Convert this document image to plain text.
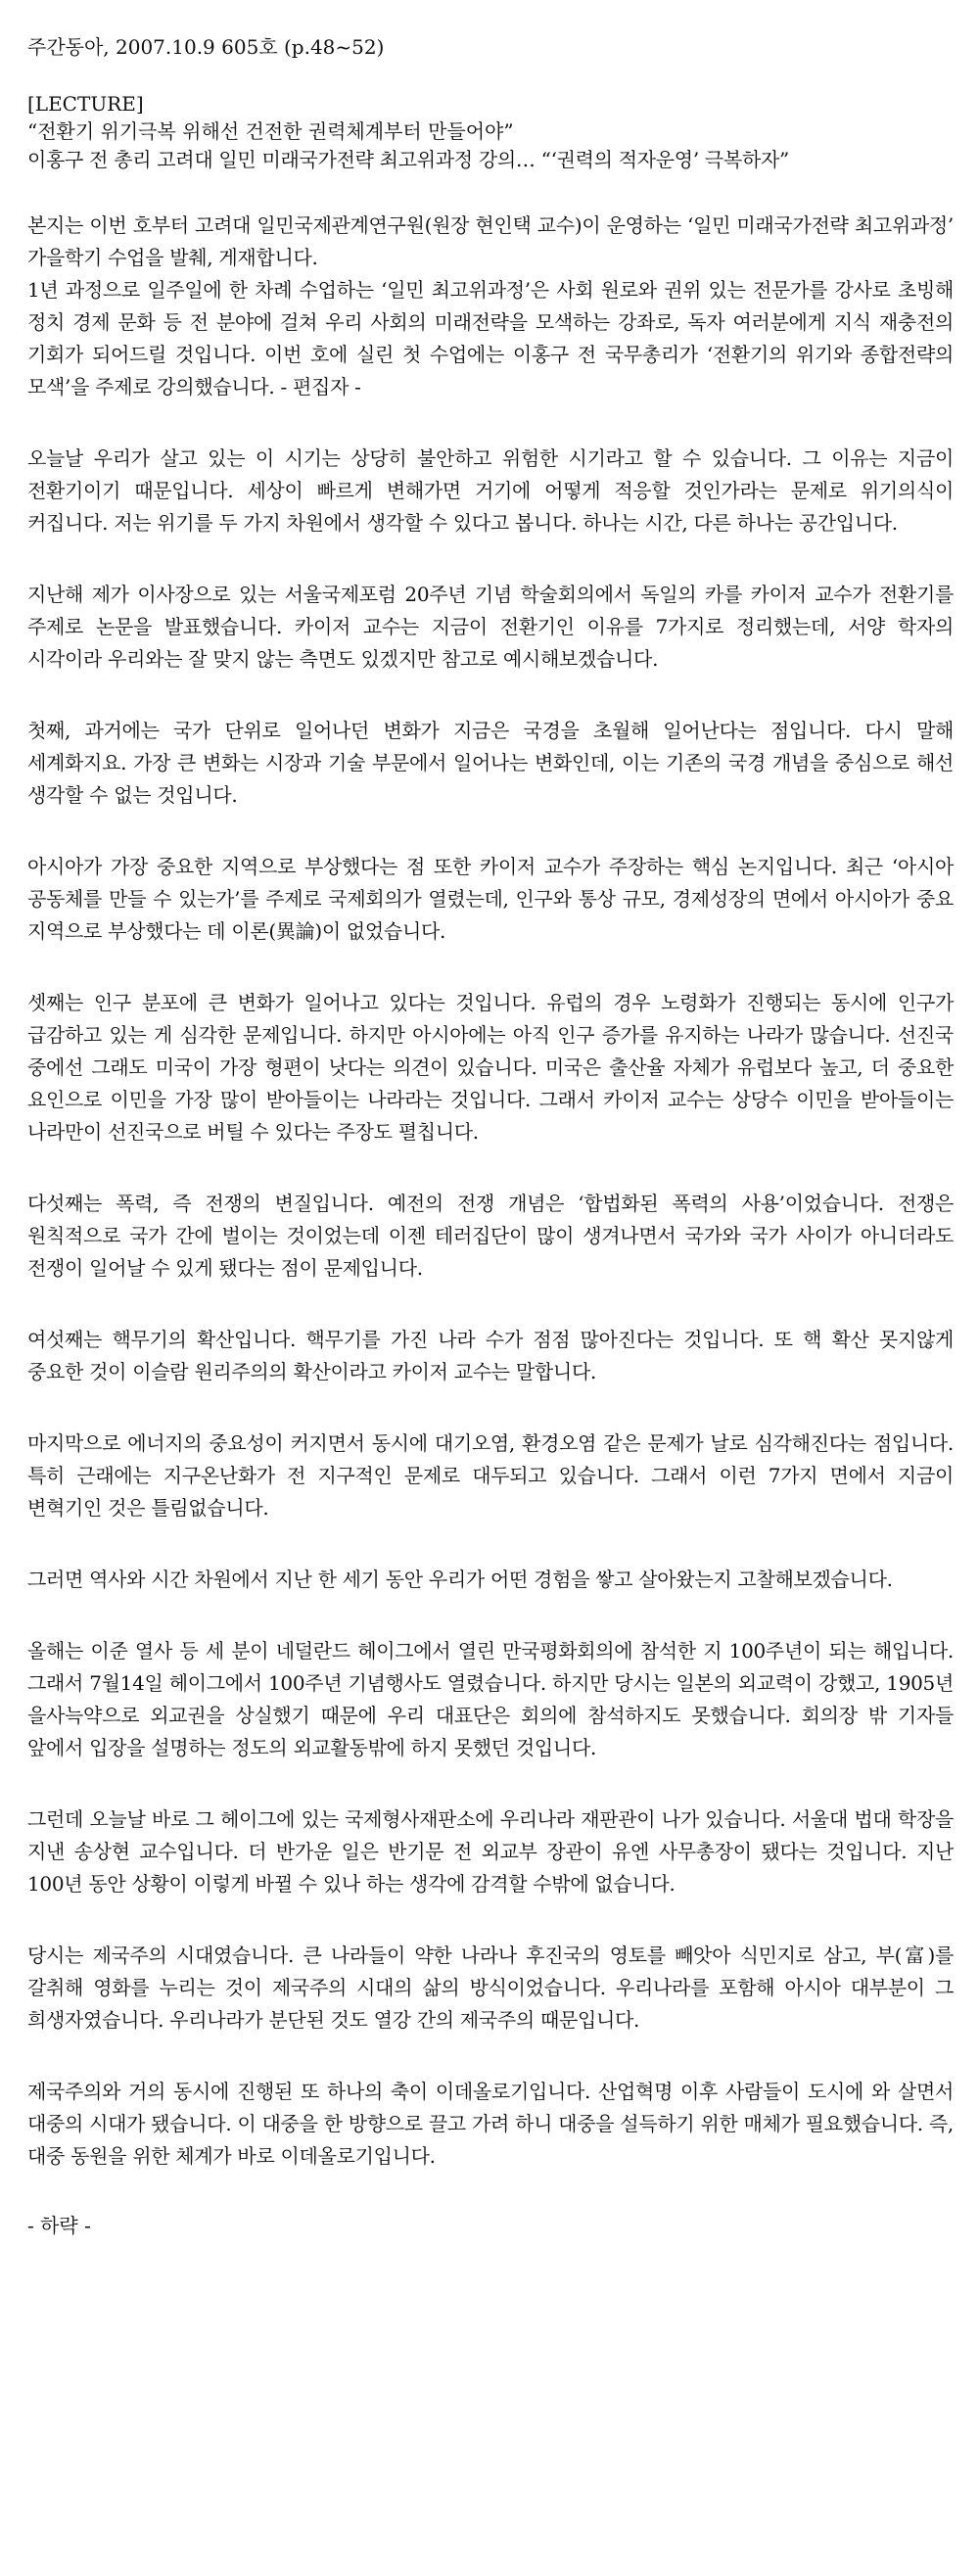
주간동아, 2007.10.9 605호 (p.48~52)

[LECTURE]

“전환기 위기극복 위해선 건전한 권력체계부터 만들어야”

이홍구 전 총리 고려대 일민 미래국가전략 최고위과정 강의… “‘권력의 적자운영’ 극복하자”

본지는 이번 호부터 고려대 일민국제관계연구원(원장 현인택 교수)이 운영하는 ‘일민 미래국가전략 최고위과정’ 가을학기 수업을 발췌, 게재합니다.

1년 과정으로 일주일에 한 차례 수업하는 ‘일민 최고위과정’은 사회 원로와 권위 있는 전문가를 강사로 초빙해 정치 경제 문화 등 전 분야에 걸쳐 우리 사회의 미래전략을 모색하는 강좌로, 독자 여러분에게 지식 재충전의 기회가 되어드릴 것입니다. 이번 호에 실린 첫 수업에는 이홍구 전 국무총리가 ‘전환기의 위기와 종합전략의 모색’을 주제로 강의했습니다. - 편집자 -

오늘날 우리가 살고 있는 이 시기는 상당히 불안하고 위험한 시기라고 할 수 있습니다. 그 이유는 지금이 전환기이기 때문입니다. 세상이 빠르게 변해가면 거기에 어떻게 적응할 것인가라는 문제로 위기의식이 커집니다. 저는 위기를 두 가지 차원에서 생각할 수 있다고 봅니다. 하나는 시간, 다른 하나는 공간입니다.

지난해 제가 이사장으로 있는 서울국제포럼 20주년 기념 학술회의에서 독일의 카를 카이저 교수가 전환기를 주제로 논문을 발표했습니다. 카이저 교수는 지금이 전환기인 이유를 7가지로 정리했는데, 서양 학자의 시각이라 우리와는 잘 맞지 않는 측면도 있겠지만 참고로 예시해보겠습니다.

첫째, 과거에는 국가 단위로 일어나던 변화가 지금은 국경을 초월해 일어난다는 점입니다. 다시 말해 세계화지요. 가장 큰 변화는 시장과 기술 부문에서 일어나는 변화인데, 이는 기존의 국경 개념을 중심으로 해선 생각할 수 없는 것입니다.

아시아가 가장 중요한 지역으로 부상했다는 점 또한 카이저 교수가 주장하는 핵심 논지입니다. 최근 ‘아시아 공동체를 만들 수 있는가’를 주제로 국제회의가 열렸는데, 인구와 통상 규모, 경제성장의 면에서 아시아가 중요 지역으로 부상했다는 데 이론(異論)이 없었습니다.

셋째는 인구 분포에 큰 변화가 일어나고 있다는 것입니다. 유럽의 경우 노령화가 진행되는 동시에 인구가 급감하고 있는 게 심각한 문제입니다. 하지만 아시아에는 아직 인구 증가를 유지하는 나라가 많습니다. 선진국 중에선 그래도 미국이 가장 형편이 낫다는 의견이 있습니다. 미국은 출산율 자체가 유럽보다 높고, 더 중요한 요인으로 이민을 가장 많이 받아들이는 나라라는 것입니다. 그래서 카이저 교수는 상당수 이민을 받아들이는 나라만이 선진국으로 버틸 수 있다는 주장도 펼칩니다.

다섯째는 폭력, 즉 전쟁의 변질입니다. 예전의 전쟁 개념은 ‘합법화된 폭력의 사용’이었습니다. 전쟁은 원칙적으로 국가 간에 벌이는 것이었는데 이젠 테러집단이 많이 생겨나면서 국가와 국가 사이가 아니더라도 전쟁이 일어날 수 있게 됐다는 점이 문제입니다.

여섯째는 핵무기의 확산입니다. 핵무기를 가진 나라 수가 점점 많아진다는 것입니다. 또 핵 확산 못지않게 중요한 것이 이슬람 원리주의의 확산이라고 카이저 교수는 말합니다.

마지막으로 에너지의 중요성이 커지면서 동시에 대기오염, 환경오염 같은 문제가 날로 심각해진다는 점입니다. 특히 근래에는 지구온난화가 전 지구적인 문제로 대두되고 있습니다. 그래서 이런 7가지 면에서 지금이 변혁기인 것은 틀림없습니다.

그러면 역사와 시간 차원에서 지난 한 세기 동안 우리가 어떤 경험을 쌓고 살아왔는지 고찰해보겠습니다.

올해는 이준 열사 등 세 분이 네덜란드 헤이그에서 열린 만국평화회의에 참석한 지 100주년이 되는 해입니다. 그래서 7월14일 헤이그에서 100주년 기념행사도 열렸습니다. 하지만 당시는 일본의 외교력이 강했고, 1905년 을사늑약으로 외교권을 상실했기 때문에 우리 대표단은 회의에 참석하지도 못했습니다. 회의장 밖 기자들 앞에서 입장을 설명하는 정도의 외교활동밖에 하지 못했던 것입니다.

그런데 오늘날 바로 그 헤이그에 있는 국제형사재판소에 우리나라 재판관이 나가 있습니다. 서울대 법대 학장을 지낸 송상현 교수입니다. 더 반가운 일은 반기문 전 외교부 장관이 유엔 사무총장이 됐다는 것입니다. 지난 100년 동안 상황이 이렇게 바뀔 수 있나 하는 생각에 감격할 수밖에 없습니다.

당시는 제국주의 시대였습니다. 큰 나라들이 약한 나라나 후진국의 영토를 빼앗아 식민지로 삼고, 부(富)를 갈취해 영화를 누리는 것이 제국주의 시대의 삶의 방식이었습니다. 우리나라를 포함해 아시아 대부분이 그 희생자였습니다. 우리나라가 분단된 것도 열강 간의 제국주의 때문입니다.

제국주의와 거의 동시에 진행된 또 하나의 축이 이데올로기입니다. 산업혁명 이후 사람들이 도시에 와 살면서 대중의 시대가 됐습니다. 이 대중을 한 방향으로 끌고 가려 하니 대중을 설득하기 위한 매체가 필요했습니다. 즉, 대중 동원을 위한 체계가 바로 이데올로기입니다.

- 하략 -
